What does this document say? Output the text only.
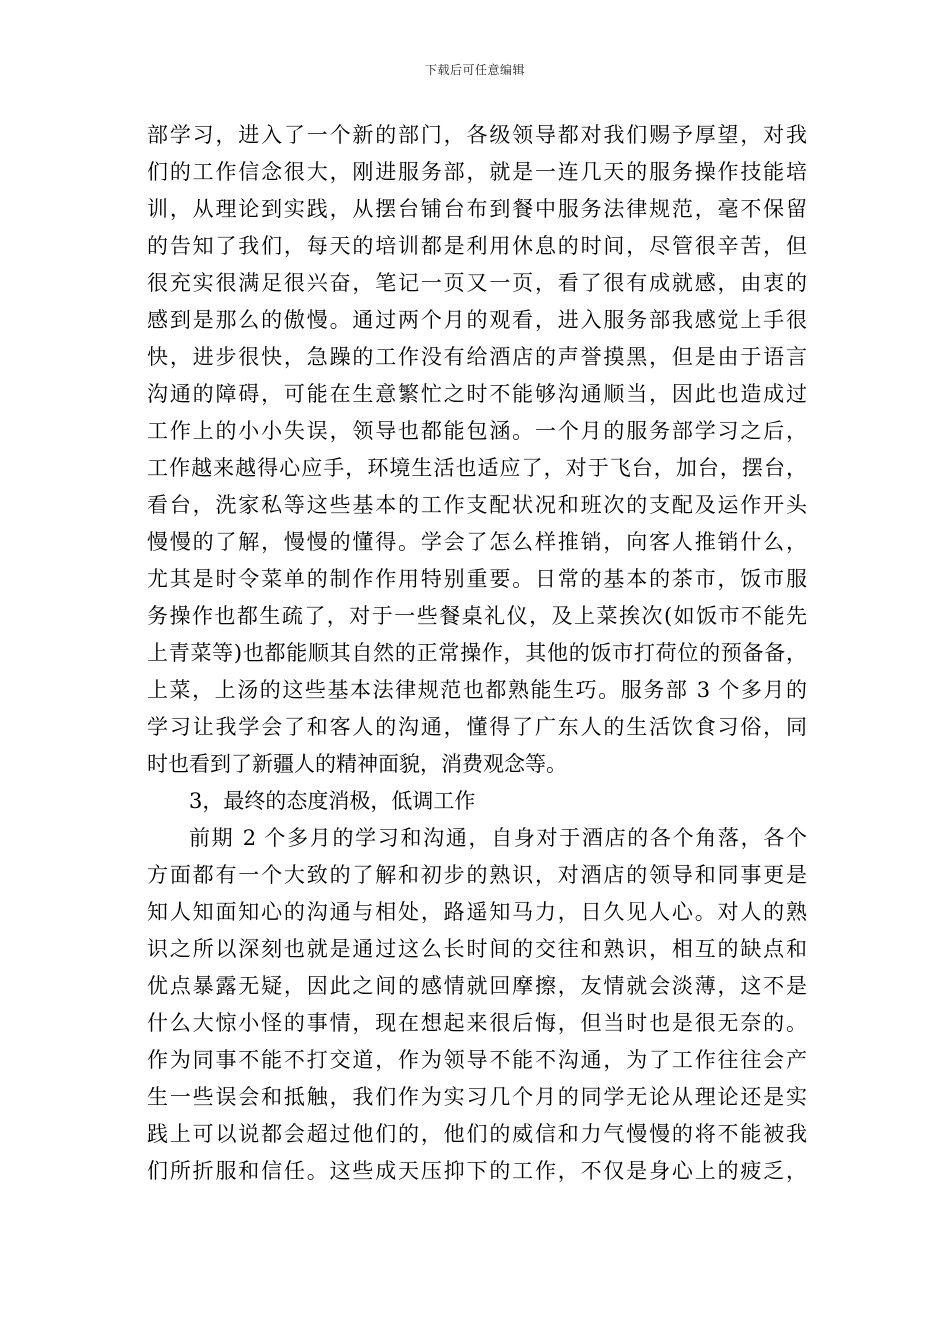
下载后可任意编辑
部学习，进入了一个新的部门，各级领导都对我们赐予厚望，对我
们的工作信念很大，刚进服务部，就是一连几天的服务操作技能培
训，从理论到实践，从摆台铺台布到餐中服务法律规范，毫不保留
的告知了我们，每天的培训都是利用休息的时间，尽管很辛苦，但
很充实很满足很兴奋，笔记一页又一页，看了很有成就感，由衷的
感到是那么的傲慢。通过两个月的观看，进入服务部我感觉上手很
快，进步很快，急躁的工作没有给酒店的声誉摸黑，但是由于语言
沟通的障碍，可能在生意繁忙之时不能够沟通顺当，因此也造成过
工作上的小小失误，领导也都能包涵。一个月的服务部学习之后，
工作越来越得心应手，环境生活也适应了，对于飞台，加台，摆台，
看台，洗家私等这些基本的工作支配状况和班次的支配及运作开头
慢慢的了解，慢慢的懂得。学会了怎么样推销，向客人推销什么，
尤其是时令菜单的制作作用特别重要。日常的基本的茶市，饭市服
务操作也都生疏了，对于一些餐桌礼仪，及上菜挨次(如饭市不能先
上青菜等)也都能顺其自然的正常操作，其他的饭市打荷位的预备备，
上菜，上汤的这些基本法律规范也都熟能生巧。服务部 3 个多月的
学习让我学会了和客人的沟通，懂得了广东人的生活饮食习俗，同
时也看到了新疆人的精神面貌，消费观念等。
3，最终的态度消极，低调工作
前期 2 个多月的学习和沟通，自身对于酒店的各个角落，各个
方面都有一个大致的了解和初步的熟识，对酒店的领导和同事更是
知人知面知心的沟通与相处，路遥知马力，日久见人心。对人的熟
识之所以深刻也就是通过这么长时间的交往和熟识，相互的缺点和
优点暴露无疑，因此之间的感情就回摩擦，友情就会淡薄，这不是
什么大惊小怪的事情，现在想起来很后悔，但当时也是很无奈的。
作为同事不能不打交道，作为领导不能不沟通，为了工作往往会产
生一些误会和抵触，我们作为实习几个月的同学无论从理论还是实
践上可以说都会超过他们的，他们的威信和力气慢慢的将不能被我
们所折服和信任。这些成天压抑下的工作，不仅是身心上的疲乏，
